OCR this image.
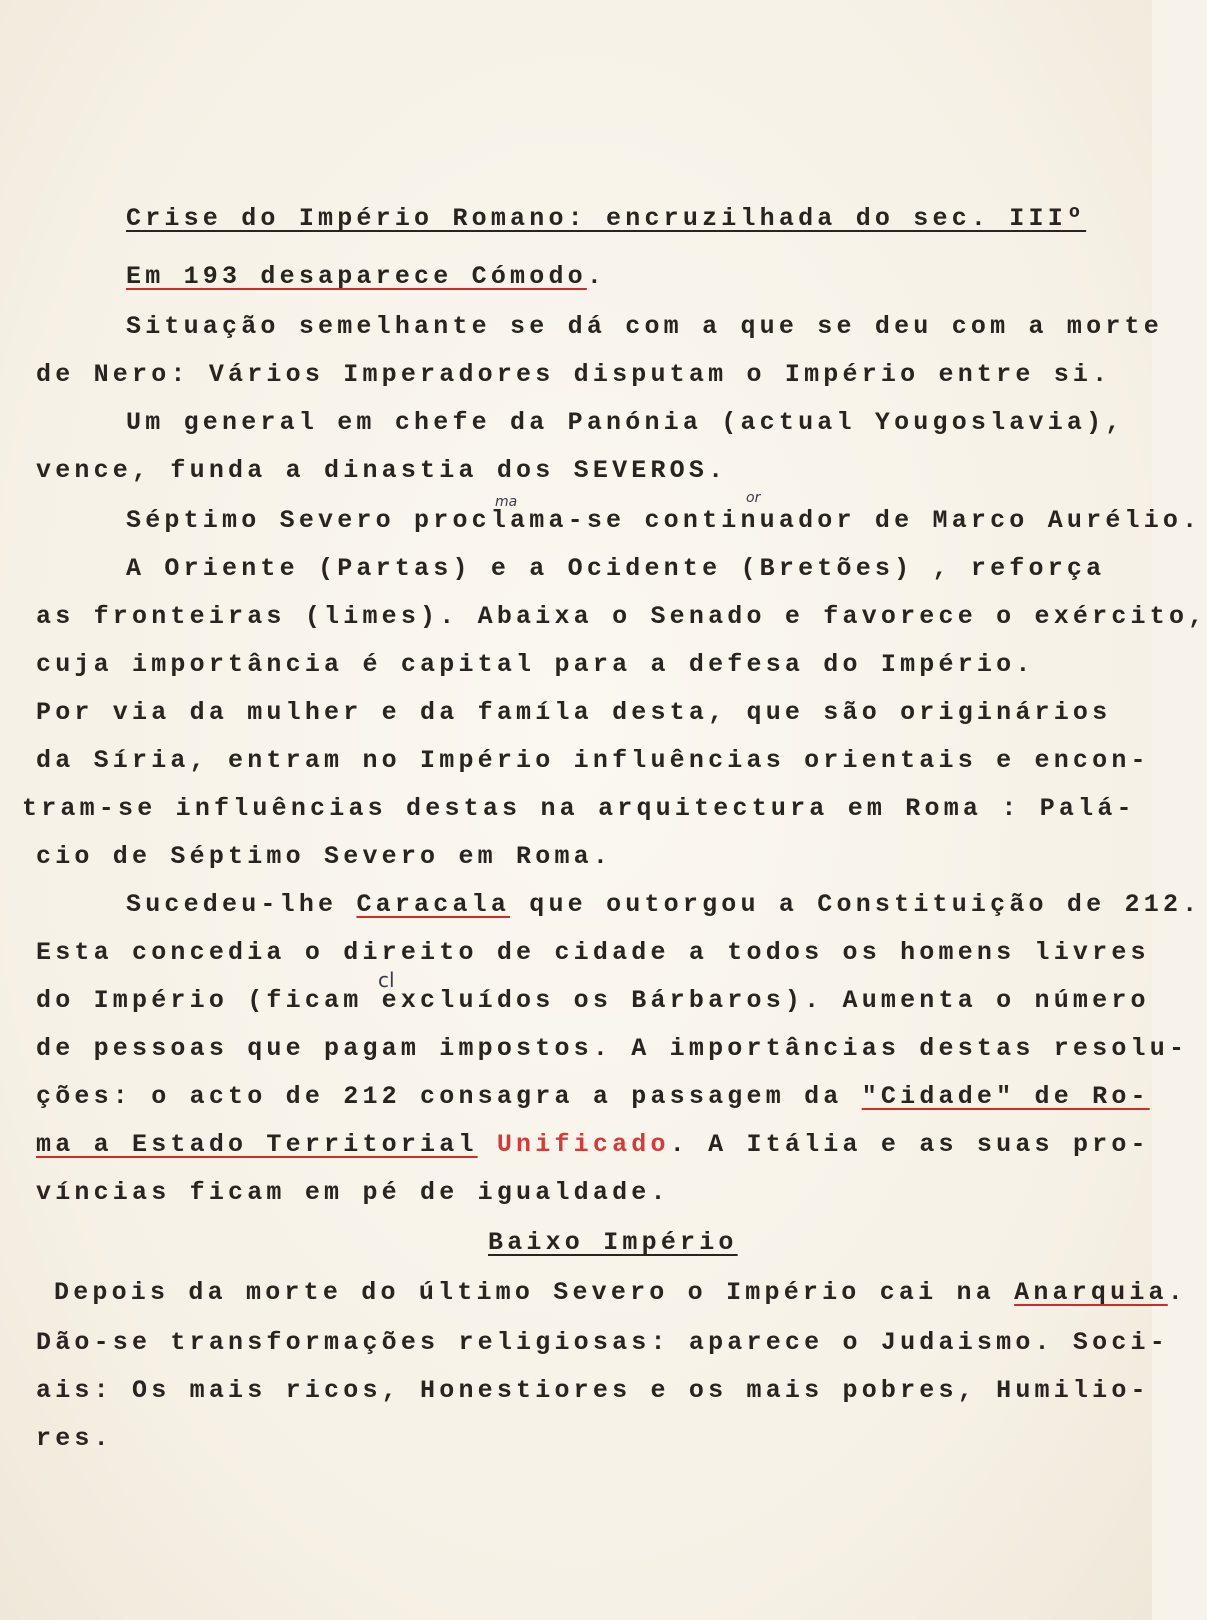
Crise do Império Romano: encruzilhada do sec. IIIº
Em 193 desaparece Cómodo.
Situação semelhante se dá com a que se deu com a morte
de Nero: Vários Imperadores disputam o Império entre si.
Um general em chefe da Panónia (actual Yougoslavia),
vence, funda a dinastia dos SEVEROS.
ma	or
Séptimo Severo proclama-se continuador de Marco Aurélio.
A Oriente (Partas) e a Ocidente (Bretões) , reforça
as fronteiras (limes). Abaixa o Senado e favorece o exército,
cuja importância é capital para a defesa do Império.
Por via da mulher e da famíla desta, que são originários
da Síria, entram no Império influências orientais e encon-
tram-se influências destas na arquitectura em Roma : Palá-
cio de Séptimo Severo em Roma.
Sucedeu-lhe Caracala que outorgou a Constituição de 212.
Esta concedia o direito de cidade a todos os homens livres
cl
do Império (ficam excluídos os Bárbaros). Aumenta o número
de pessoas que pagam impostos. A importâncias destas resolu-
ções: o acto de 212 consagra a passagem da "Cidade" de Ro-
ma a Estado Territorial Unificado. A Itália e as suas pro-
víncias ficam em pé de igualdade.
Baixo Império
Depois da morte do último Severo o Império cai na Anarquia.
Dão-se transformações religiosas: aparece o Judaismo. Soci-
ais: Os mais ricos, Honestiores e os mais pobres, Humilio-
res.
